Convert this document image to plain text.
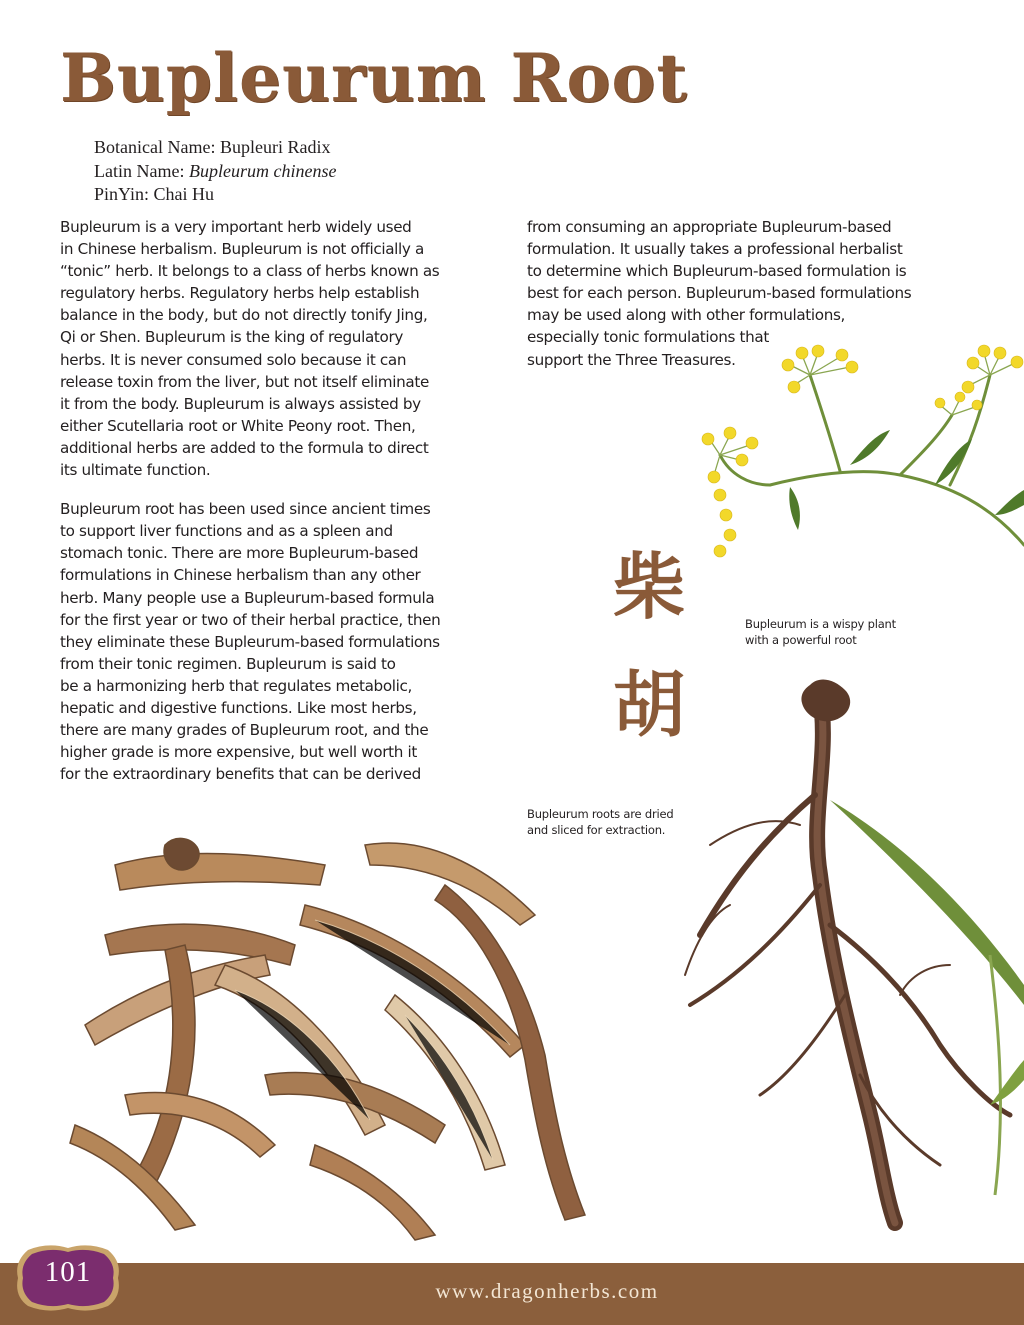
Bupleurum Root
Botanical Name: Bupleuri Radix
Latin Name: Bupleurum chinense
PinYin: Chai Hu

Bupleurum is a very important herb widely used
in Chinese herbalism. Bupleurum is not officially a
“tonic” herb. It belongs to a class of herbs known as
regulatory herbs. Regulatory herbs help establish
balance in the body, but do not directly tonify Jing,
Qi or Shen. Bupleurum is the king of regulatory
herbs. It is never consumed solo because it can
release toxin from the liver, but not itself eliminate
it from the body. Bupleurum is always assisted by
either Scutellaria root or White Peony root. Then,
additional herbs are added to the formula to direct
its ultimate function.

Bupleurum root has been used since ancient times
to support liver functions and as a spleen and
stomach tonic. There are more Bupleurum-based
formulations in Chinese herbalism than any other
herb. Many people use a Bupleurum-based formula
for the first year or two of their herbal practice, then
they eliminate these Bupleurum-based formulations
from their tonic regimen. Bupleurum is said to
be a harmonizing herb that regulates metabolic,
hepatic and digestive functions. Like most herbs,
there are many grades of Bupleurum root, and the
higher grade is more expensive, but well worth it
for the extraordinary benefits that can be derived

from consuming an appropriate Bupleurum-based
formulation. It usually takes a professional herbalist
to determine which Bupleurum-based formulation is
best for each person. Bupleurum-based formulations
may be used along with other formulations,
especially tonic formulations that
support the Three Treasures.

柴
胡
Bupleurum is a wispy plant
with a powerful root
Bupleurum roots are dried
and sliced for extraction.
101
www.dragonherbs.com
